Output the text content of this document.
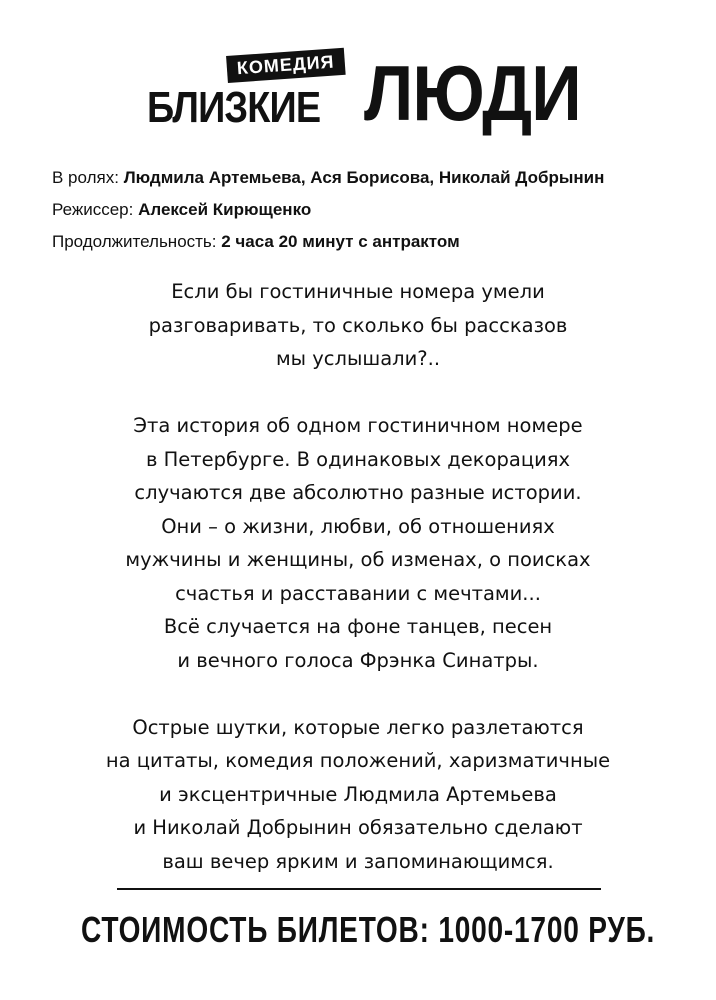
КОМЕДИЯ
БЛИЗКИЕ ЛЮДИ
В ролях: Людмила Артемьева, Ася Борисова, Николай Добрынин
Режиссер: Алексей Кирющенко
Продолжительность: 2 часа 20 минут с антрактом

Если бы гостиничные номера умели
разговаривать, то сколько бы рассказов
мы услышали?..

Эта история об одном гостиничном номере
в Петербурге. В одинаковых декорациях
случаются две абсолютно разные истории.
Они – о жизни, любви, об отношениях
мужчины и женщины, об изменах, о поисках
счастья и расставании с мечтами...
Всё случается на фоне танцев, песен
и вечного голоса Фрэнка Синатры.

Острые шутки, которые легко разлетаются
на цитаты, комедия положений, харизматичные
и эксцентричные Людмила Артемьева
и Николай Добрынин обязательно сделают
ваш вечер ярким и запоминающимся.

СТОИМОСТЬ БИЛЕТОВ: 1000-1700 РУБ.
